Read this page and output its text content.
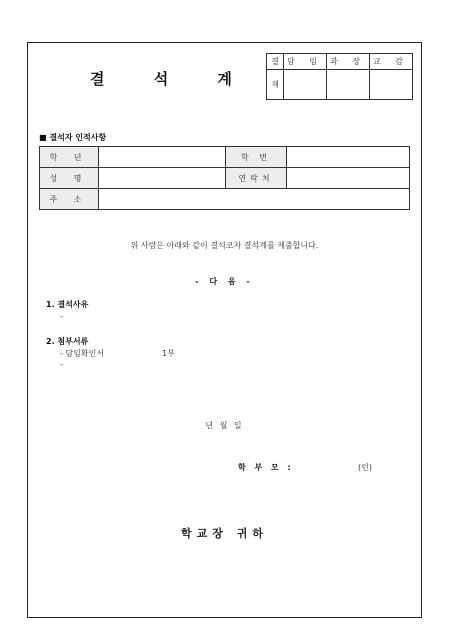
결 석 계
결	담 임	과 장	교 감
재			
■ 결석자 인적사항
학 년		학 번	
성 명		연락처	
주 소			
위 사람은 아래와 같이 결석코자 결석계를 제출합니다.
- 다 음 -
1. 결석사유
-
2. 첨부서류
- 담임확인서	1부
-
년 월 일
학 부 모 :	(인)
학교장 귀하
